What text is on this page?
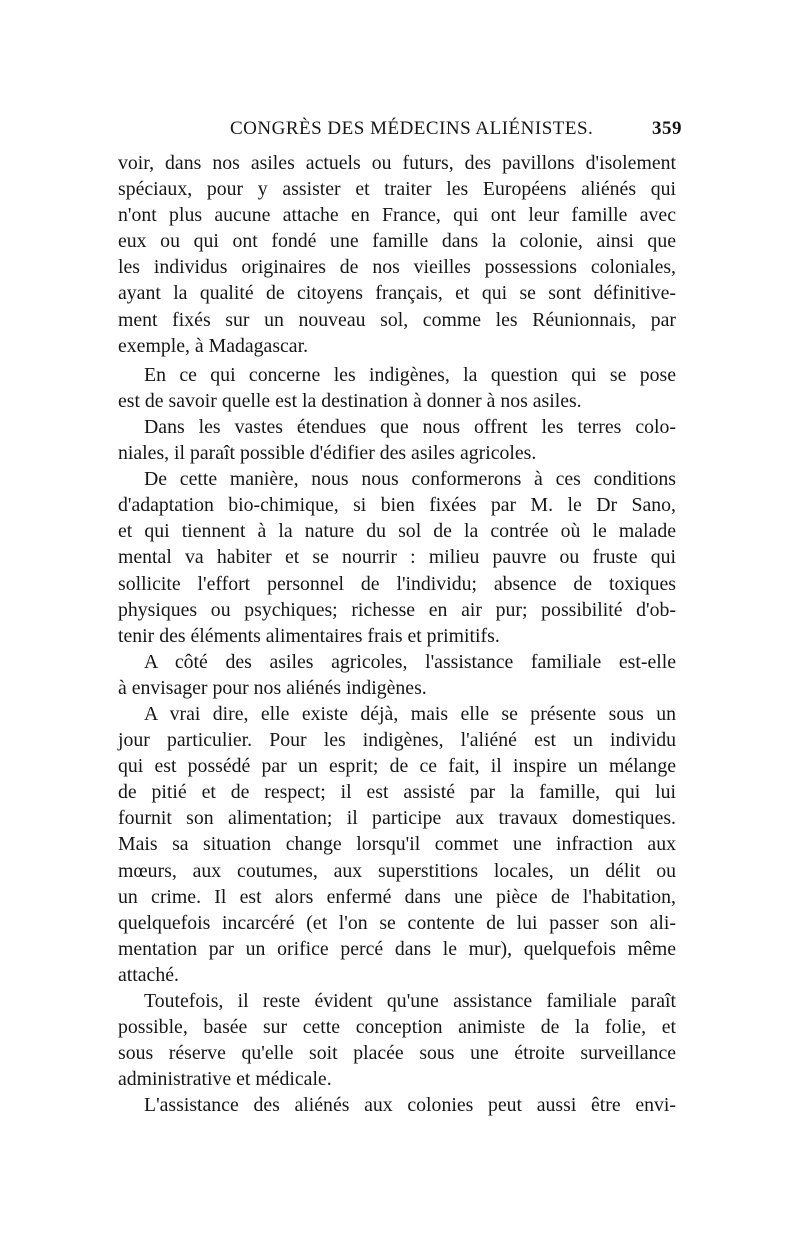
CONGRÈS DES MÉDECINS ALIÉNISTES.	359
voir, dans nos asiles actuels ou futurs, des pavillons d'isolement
spéciaux, pour y assister et traiter les Européens aliénés qui
n'ont plus aucune attache en France, qui ont leur famille avec
eux ou qui ont fondé une famille dans la colonie, ainsi que
les individus originaires de nos vieilles possessions coloniales,
ayant la qualité de citoyens français, et qui se sont définitive-
ment fixés sur un nouveau sol, comme les Réunionnais, par
exemple, à Madagascar.
En ce qui concerne les indigènes, la question qui se pose
est de savoir quelle est la destination à donner à nos asiles.
Dans les vastes étendues que nous offrent les terres colo-
niales, il paraît possible d'édifier des asiles agricoles.
De cette manière, nous nous conformerons à ces conditions
d'adaptation bio-chimique, si bien fixées par M. le Dr Sano,
et qui tiennent à la nature du sol de la contrée où le malade
mental va habiter et se nourrir : milieu pauvre ou fruste qui
sollicite l'effort personnel de l'individu; absence de toxiques
physiques ou psychiques; richesse en air pur; possibilité d'ob-
tenir des éléments alimentaires frais et primitifs.
A côté des asiles agricoles, l'assistance familiale est-elle
à envisager pour nos aliénés indigènes.
A vrai dire, elle existe déjà, mais elle se présente sous un
jour particulier. Pour les indigènes, l'aliéné est un individu
qui est possédé par un esprit; de ce fait, il inspire un mélange
de pitié et de respect; il est assisté par la famille, qui lui
fournit son alimentation; il participe aux travaux domestiques.
Mais sa situation change lorsqu'il commet une infraction aux
mœurs, aux coutumes, aux superstitions locales, un délit ou
un crime. Il est alors enfermé dans une pièce de l'habitation,
quelquefois incarcéré (et l'on se contente de lui passer son ali-
mentation par un orifice percé dans le mur), quelquefois même
attaché.
Toutefois, il reste évident qu'une assistance familiale paraît
possible, basée sur cette conception animiste de la folie, et
sous réserve qu'elle soit placée sous une étroite surveillance
administrative et médicale.
L'assistance des aliénés aux colonies peut aussi être envi-
